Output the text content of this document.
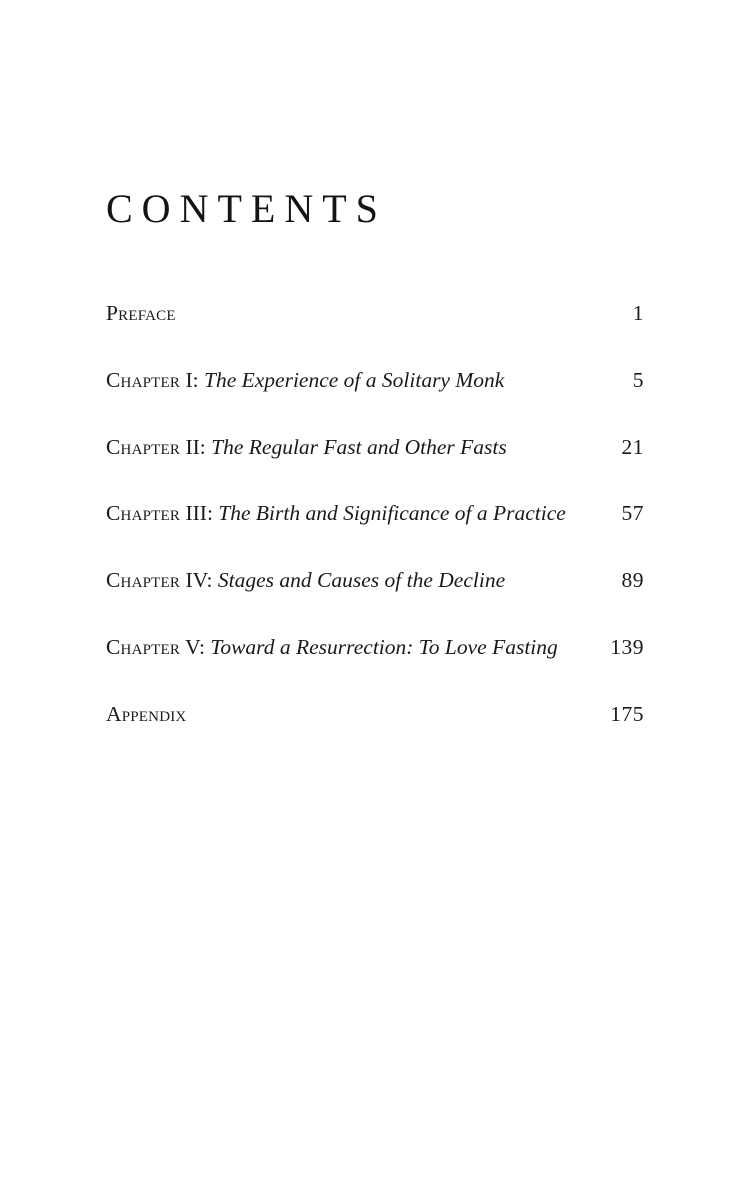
CONTENTS
Preface	1
Chapter I: The Experience of a Solitary Monk	5
Chapter II: The Regular Fast and Other Fasts	21
Chapter III: The Birth and Significance of a Practice	57
Chapter IV: Stages and Causes of the Decline	89
Chapter V: Toward a Resurrection: To Love Fasting 139
Appendix	175
